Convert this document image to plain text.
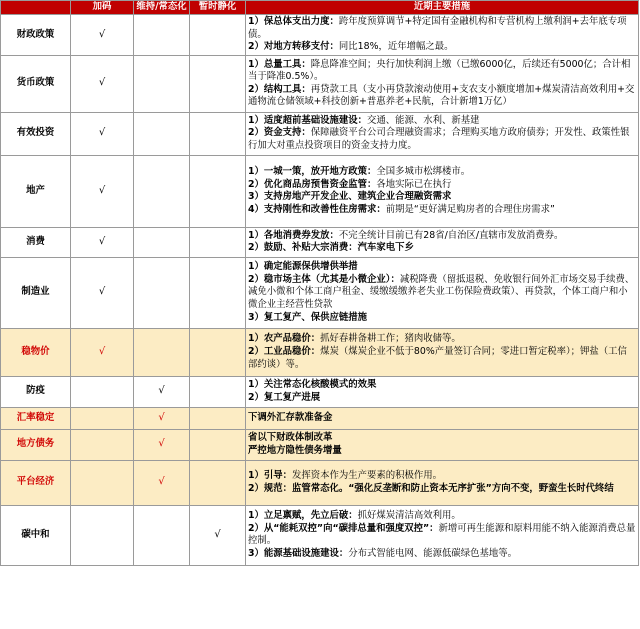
	加码	维持/常态化	暂时静化	近期主要措施
财政政策	√			1）保总体支出力度：跨年度预算调节+特定国有金融机构和专营机构上缴利润+去年底专项债。
2）对地方转移支付：同比18%，近年增幅之最。

货币政策	√			1）总量工具：降息降准空间；央行加快利润上缴（已缴6000亿，后续还有5000亿；合计相当于降准0.5%）。
2）结构工具：再贷款工具（支小再贷款滚动使用+支农支小额度增加+煤炭清洁高效利用+交通物流仓储领域+科技创新+普惠养老+民航，合计新增1万亿）

有效投资	√			1）适度超前基础设施建设：交通、能源、水利、新基建
2）资金支持：保障融资平台公司合理融资需求；合理购买地方政府债券；开发性、政策性银行加大对重点投资项目的资金支持力度。

地产	√			1）一城一策，放开地方政策：全国多城市松绑楼市。
2）优化商品房预售资金监管：各地实际已在执行
3）支持房地产开发企业、建筑企业合理融资需求
4）支持刚性和改善性住房需求：前期是“更好满足购房者的合理住房需求”

消费	√			1）各地消费券发放：不完全统计目前已有28省/自治区/直辖市发放消费券。
2）鼓励、补贴大宗消费：汽车家电下乡

制造业	√			1）确定能源保供增供举措
2）稳市场主体（尤其是小微企业）：减税降费（留抵退税、免收银行间外汇市场交易手续费、减免小微和个体工商户租金、缓缴缓缴养老失业工伤保险费政策）、再贷款，个体工商户和小微企业主经营性贷款
3）复工复产、保供应链措施

稳物价	√			1）农产品稳价：抓好春耕备耕工作；猪肉收储等。
2）工业品稳价：煤炭（煤炭企业不低于80%产量签订合同；零进口暂定税率）；钾盐（工信部约谈）等。

防疫		√		1）关注常态化核酸模式的效果
2）复工复产进展

汇率稳定		√		下调外汇存款准备金

地方债务		√		省以下财政体制改革
严控地方隐性债务增量

平台经济		√		1）引导：发挥资本作为生产要素的积极作用。
2）规范：监管常态化。“强化反垄断和防止资本无序扩张”方向不变，野蛮生长时代终结

碳中和			√	1）立足禀赋，先立后破：抓好煤炭清洁高效利用。
2）从“能耗双控”向“碳排总量和强度双控”：新增可再生能源和原料用能不纳入能源消费总量控制。
3）能源基础设施建设：分布式智能电网、能源低碳绿色基地等。
